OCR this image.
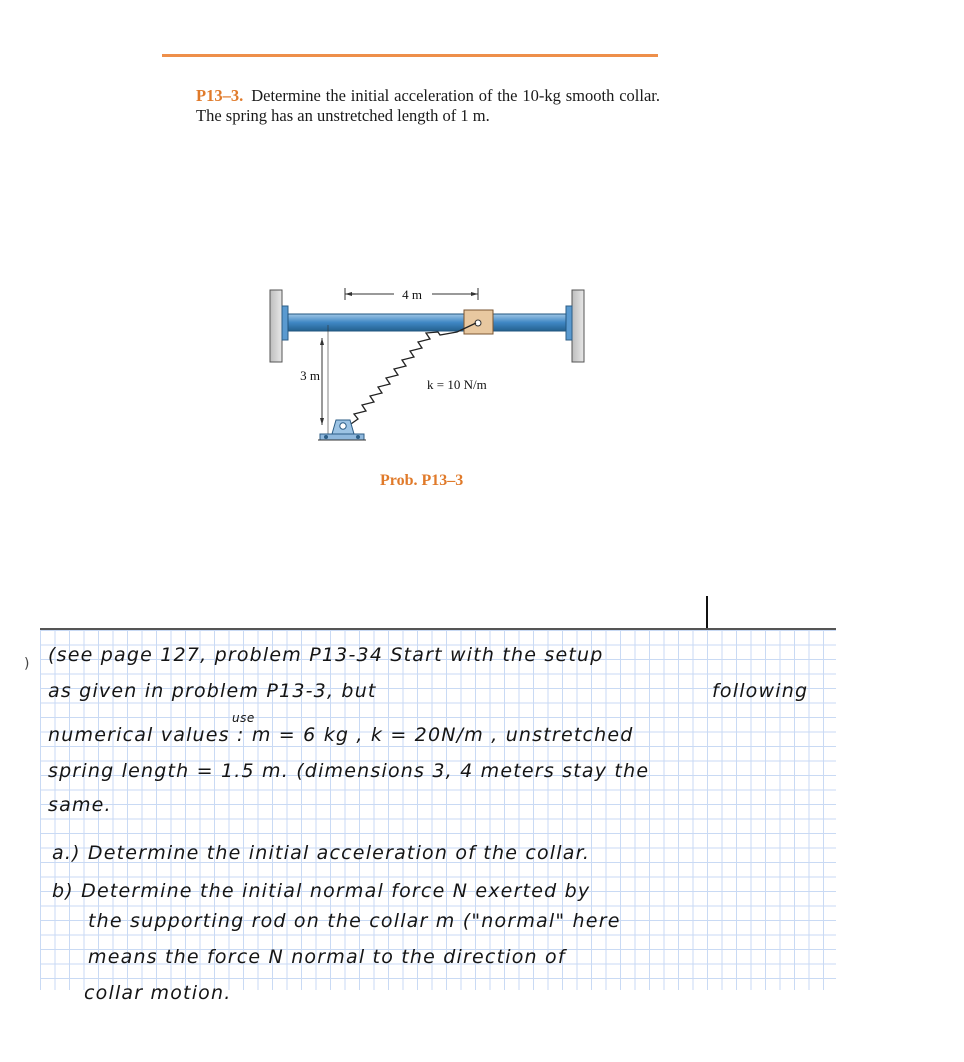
P13–3. Determine the initial acceleration of the 10-kg smooth collar. The spring has an unstretched length of 1 m.
4 m
3 m
k = 10 N/m
Prob. P13–3
) (see page 127, problem P13-34 Start with the setup
as given in problem P13-3, but	following
use
numerical values : m = 6 kg , k = 20N/m , unstretched
spring length = 1.5 m. (dimensions 3, 4 meters stay the
same.
a.) Determine the initial acceleration of the collar.
b) Determine the initial normal force N exerted by
the supporting rod on the collar m ("normal" here
means the force N normal to the direction of
collar motion.
